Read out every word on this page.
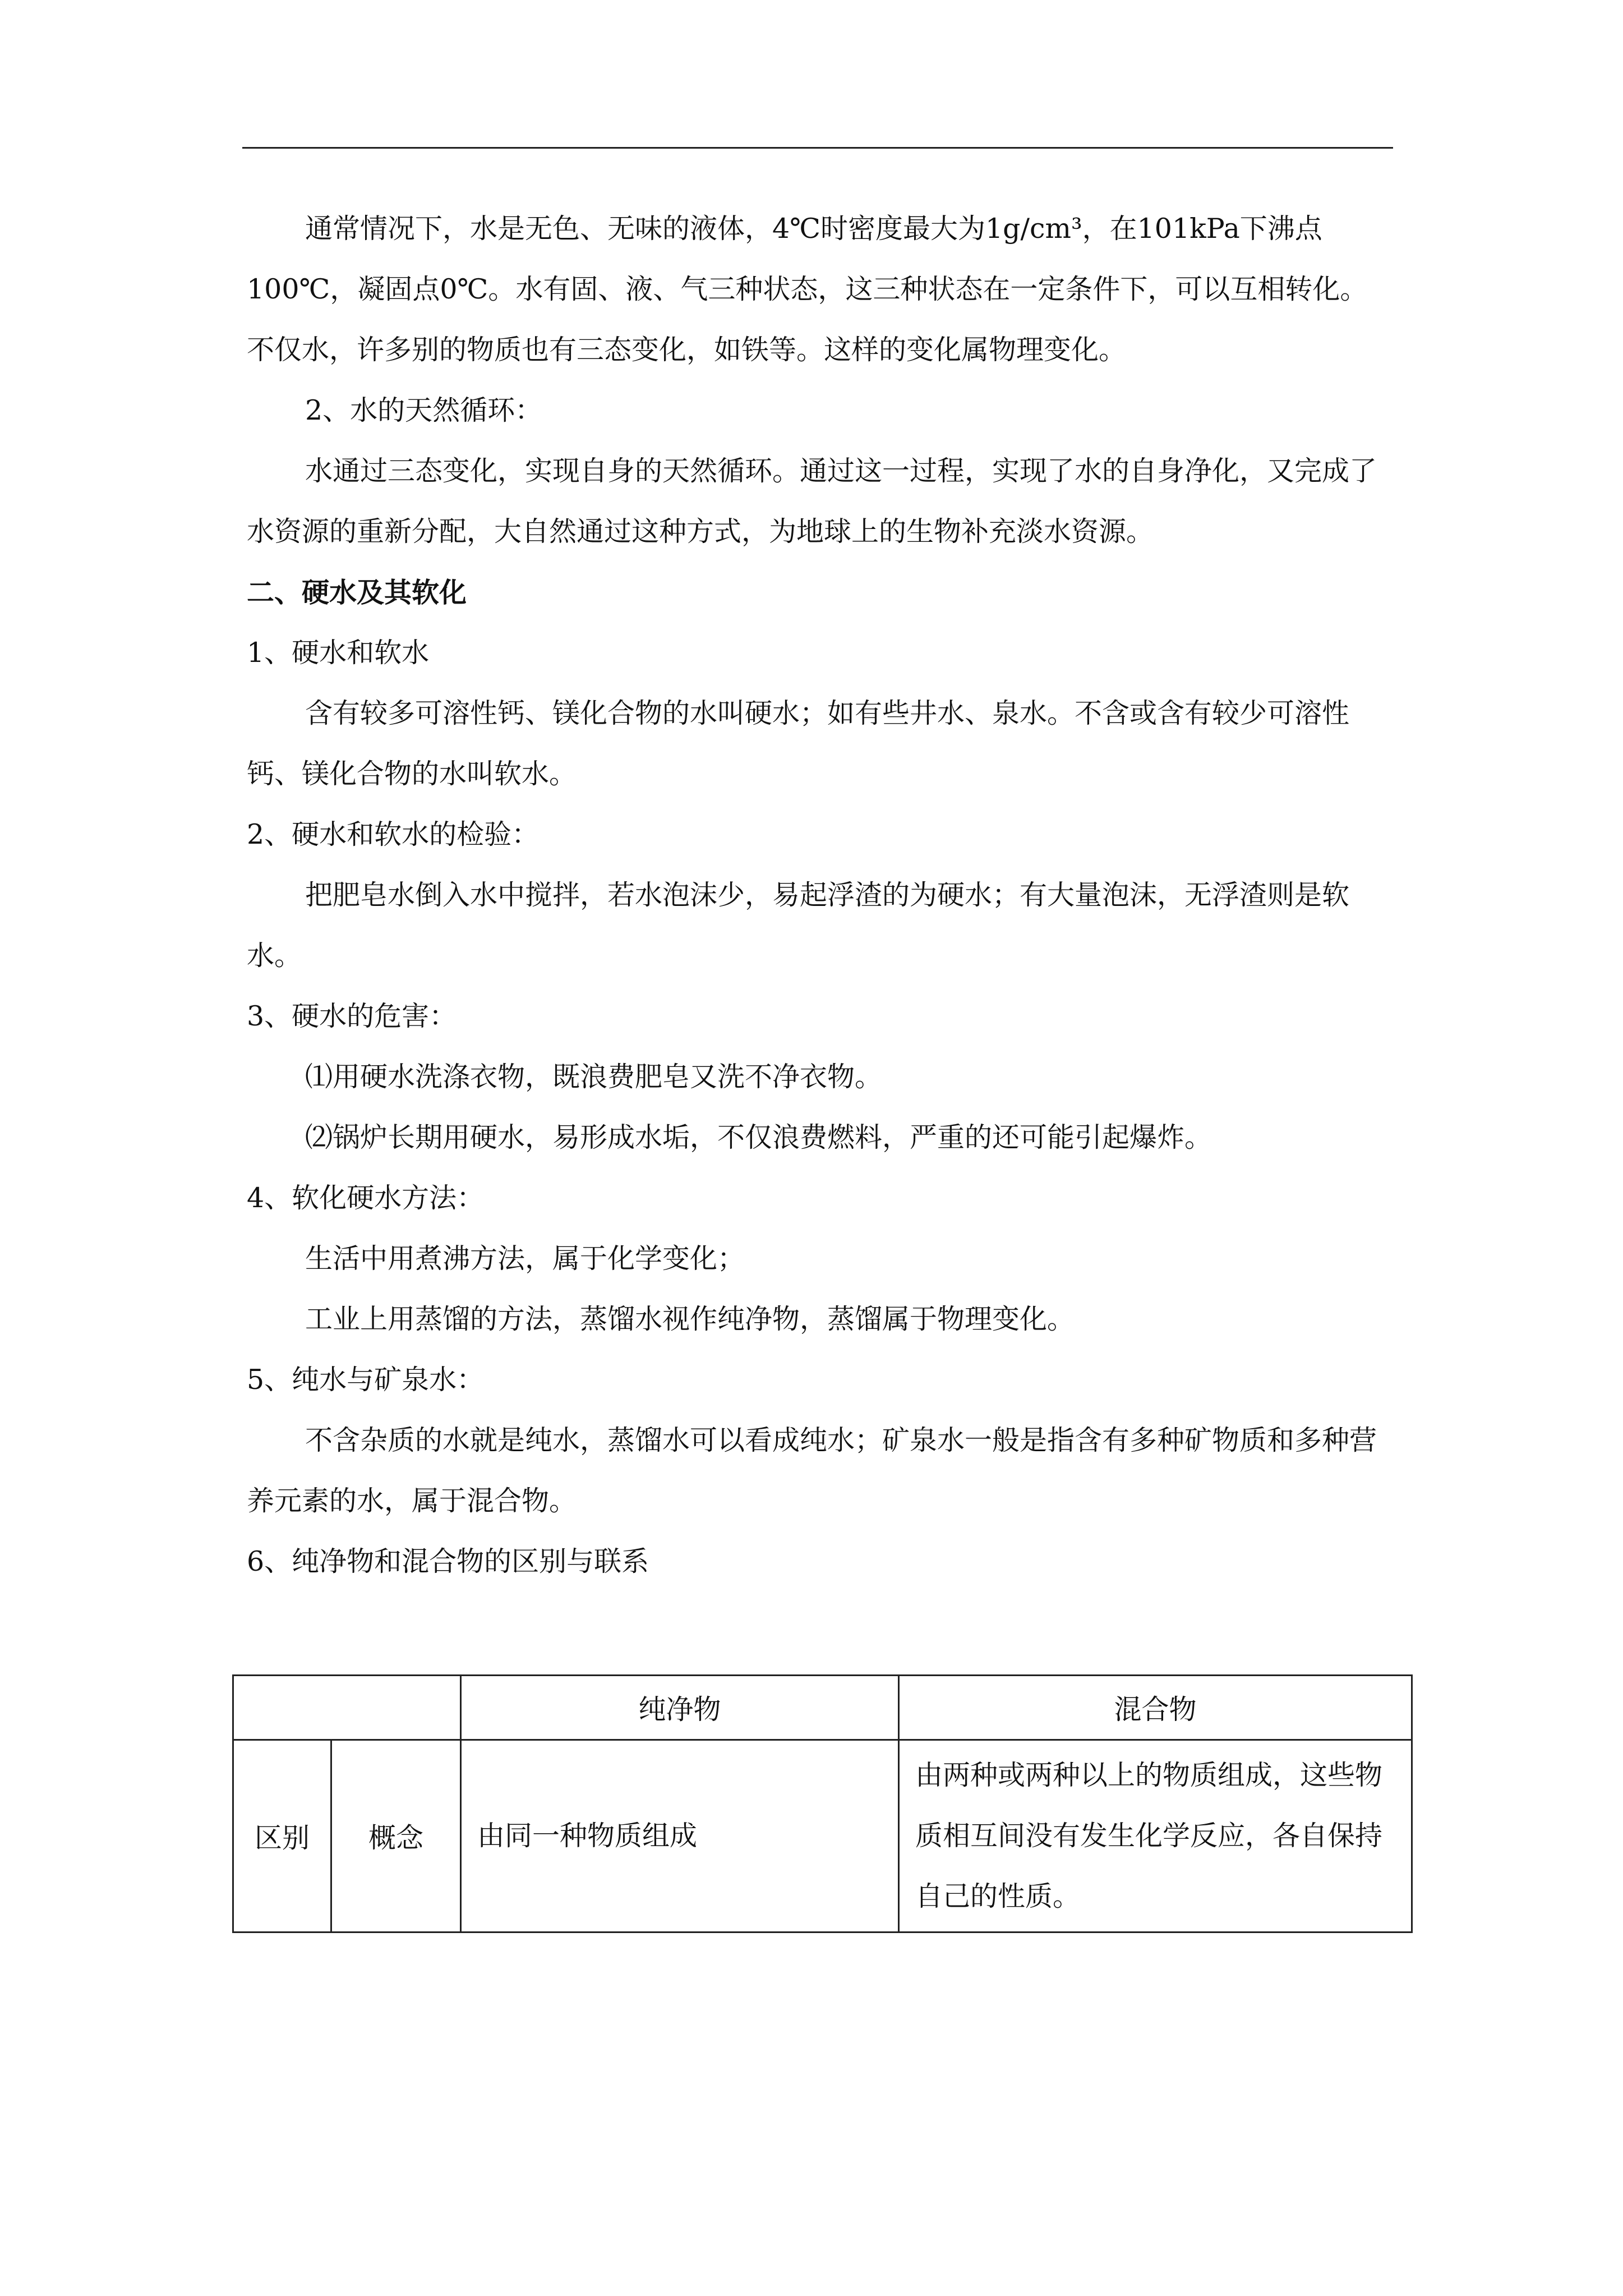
通常情况下，水是无色、无味的液体，4℃时密度最大为1g/cm³，在101kPa下沸点100℃，凝固点0℃。水有固、液、气三种状态，这三种状态在一定条件下，可以互相转化。不仅水，许多别的物质也有三态变化，如铁等。这样的变化属物理变化。

2、水的天然循环：

水通过三态变化，实现自身的天然循环。通过这一过程，实现了水的自身净化，又完成了水资源的重新分配，大自然通过这种方式，为地球上的生物补充淡水资源。

二、硬水及其软化

1、硬水和软水

含有较多可溶性钙、镁化合物的水叫硬水；如有些井水、泉水。不含或含有较少可溶性钙、镁化合物的水叫软水。

2、硬水和软水的检验：

把肥皂水倒入水中搅拌，若水泡沫少，易起浮渣的为硬水；有大量泡沫，无浮渣则是软水。

3、硬水的危害：

⑴用硬水洗涤衣物，既浪费肥皂又洗不净衣物。

⑵锅炉长期用硬水，易形成水垢，不仅浪费燃料，严重的还可能引起爆炸。

4、软化硬水方法：

生活中用煮沸方法，属于化学变化；

工业上用蒸馏的方法，蒸馏水视作纯净物，蒸馏属于物理变化。

5、纯水与矿泉水：

不含杂质的水就是纯水，蒸馏水可以看成纯水；矿泉水一般是指含有多种矿物质和多种营养元素的水，属于混合物。

6、纯净物和混合物的区别与联系

		纯净物	混合物
区别	概念	由同一种物质组成	由两种或两种以上的物质组成，这些物质相互间没有发生化学反应，各自保持自己的性质。
